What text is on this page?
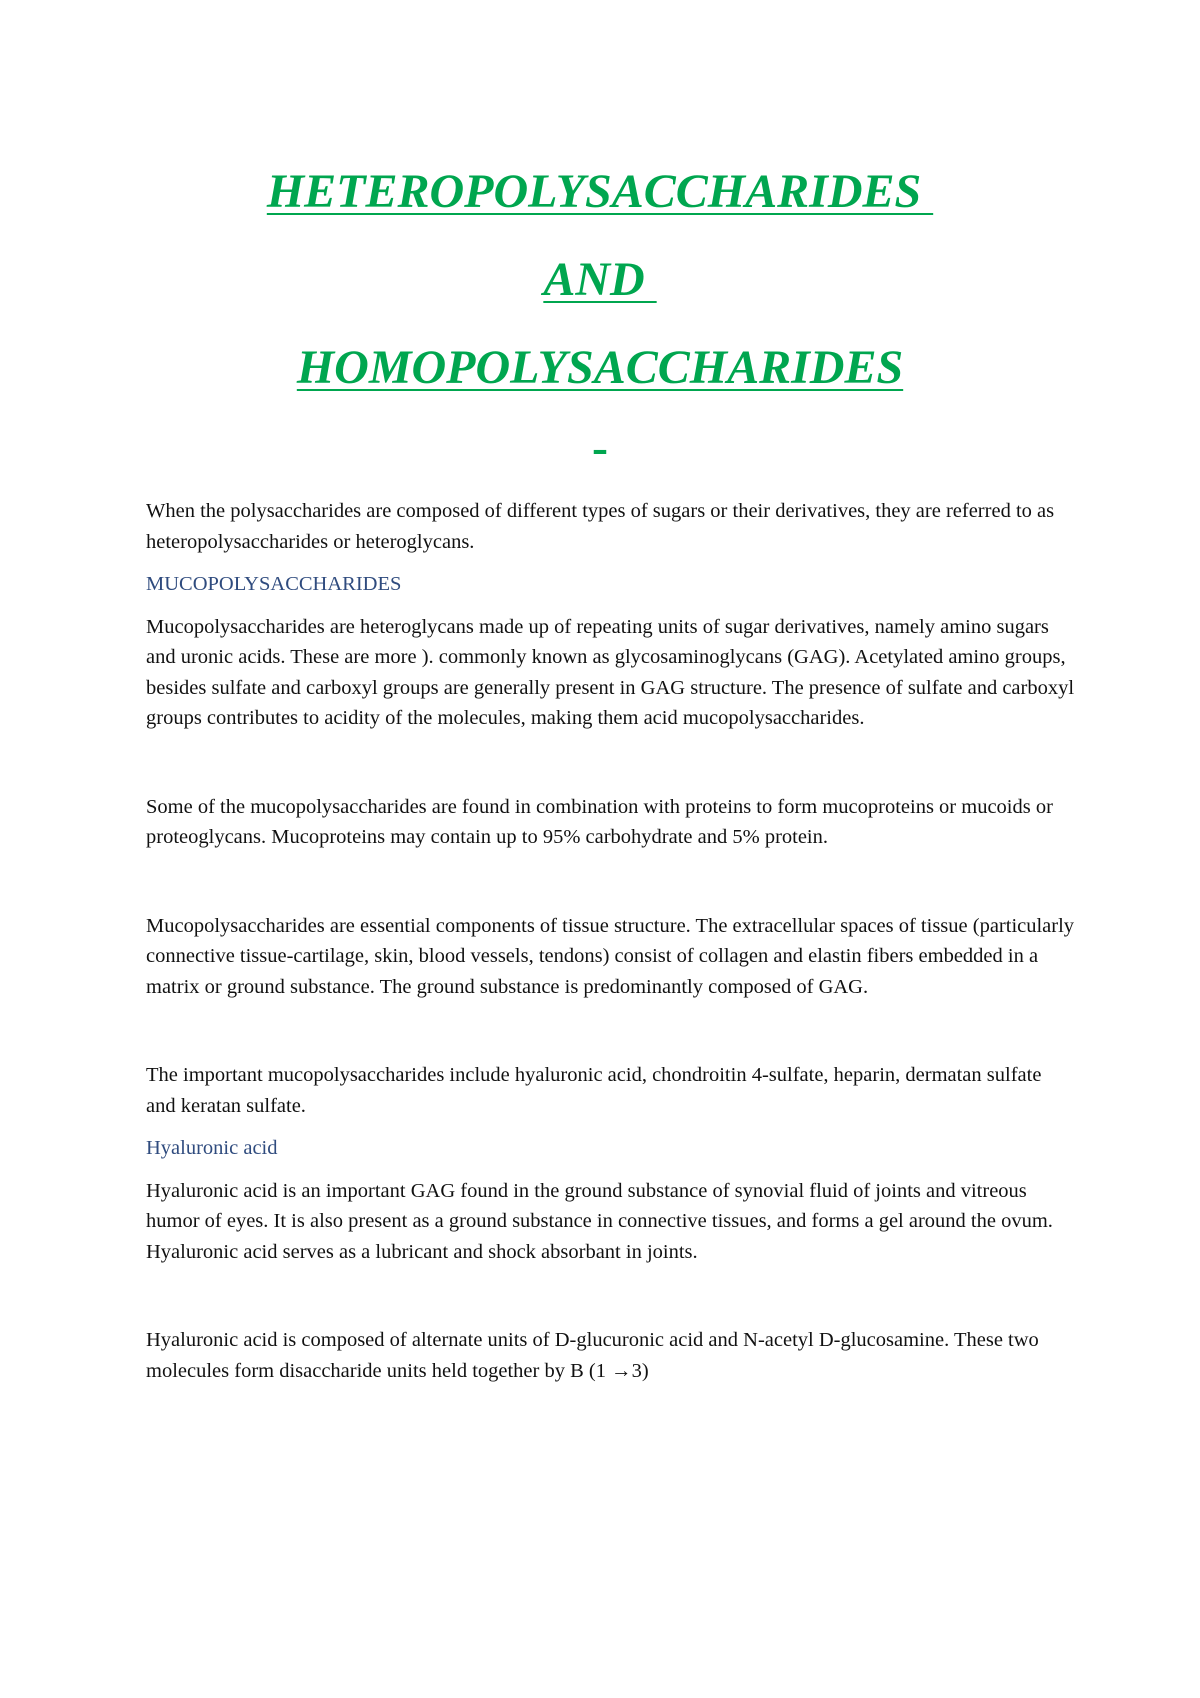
HETEROPOLYSACCHARIDES
AND
HOMOPOLYSACCHARIDES
-

When the polysaccharides are composed of different types of sugars or their derivatives, they are referred to as heteropolysaccharides or heteroglycans.

MUCOPOLYSACCHARIDES

Mucopolysaccharides are heteroglycans made up of repeating units of sugar derivatives, namely amino sugars and uronic acids. These are more ). commonly known as glycosaminoglycans (GAG). Acetylated amino groups, besides sulfate and carboxyl groups are generally present in GAG structure. The presence of sulfate and carboxyl groups contributes to acidity of the molecules, making them acid mucopolysaccharides.

Some of the mucopolysaccharides are found in combination with proteins to form mucoproteins or mucoids or proteoglycans. Mucoproteins may contain up to 95% carbohydrate and 5% protein.

Mucopolysaccharides are essential components of tissue structure. The extracellular spaces of tissue (particularly connective tissue-cartilage, skin, blood vessels, tendons) consist of collagen and elastin fibers embedded in a matrix or ground substance. The ground substance is predominantly composed of GAG.

The important mucopolysaccharides include hyaluronic acid, chondroitin 4-sulfate, heparin, dermatan sulfate and keratan sulfate.

Hyaluronic acid

Hyaluronic acid is an important GAG found in the ground substance of synovial fluid of joints and vitreous humor of eyes. It is also present as a ground substance in connective tissues, and forms a gel around the ovum. Hyaluronic acid serves as a lubricant and shock absorbant in joints.

Hyaluronic acid is composed of alternate units of D-glucuronic acid and N-acetyl D-glucosamine. These two molecules form disaccharide units held together by B (1 →3)
